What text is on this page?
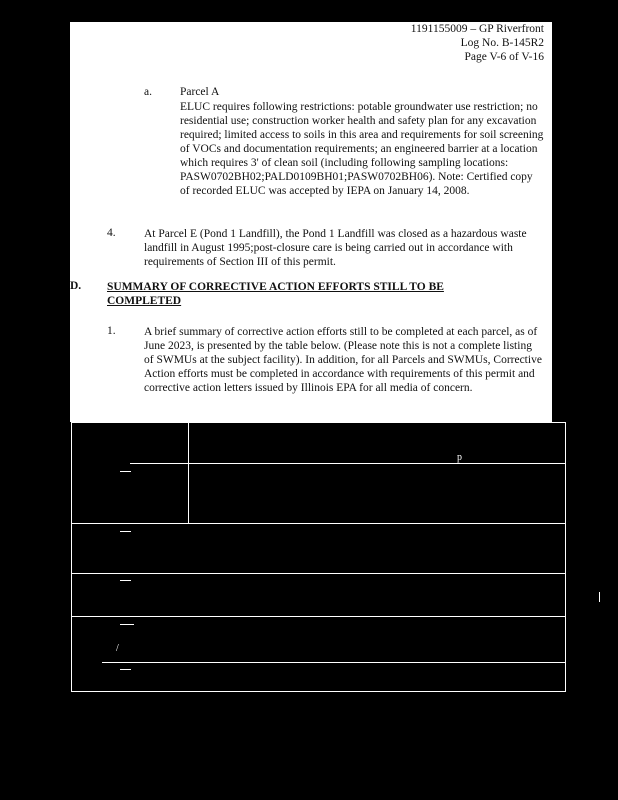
1191155009 – GP Riverfront
Log No. B-145R2
Page V-6 of V-16
a. Parcel A
ELUC requires following restrictions: potable groundwater use restriction; no residential use; construction worker health and safety plan for any excavation required; limited access to soils in this area and requirements for soil screening of VOCs and documentation requirements; an engineered barrier at a location which requires 3' of clean soil (including following sampling locations: PASW0702BH02;PALD0109BH01;PASW0702BH06). Note: Certified copy of recorded ELUC was accepted by IEPA on January 14, 2008.
4. At Parcel E (Pond 1 Landfill), the Pond 1 Landfill was closed as a hazardous waste landfill in August 1995;post-closure care is being carried out in accordance with requirements of Section III of this permit.
D. SUMMARY OF CORRECTIVE ACTION EFFORTS STILL TO BE COMPLETED
1. A brief summary of corrective action efforts still to be completed at each parcel, as of June 2023, is presented by the table below. (Please note this is not a complete listing of SWMUs at the subject facility). In addition, for all Parcels and SWMUs, Corrective Action efforts must be completed in accordance with requirements of this permit and corrective action letters issued by Illinois EPA for all media of concern.
p
/
